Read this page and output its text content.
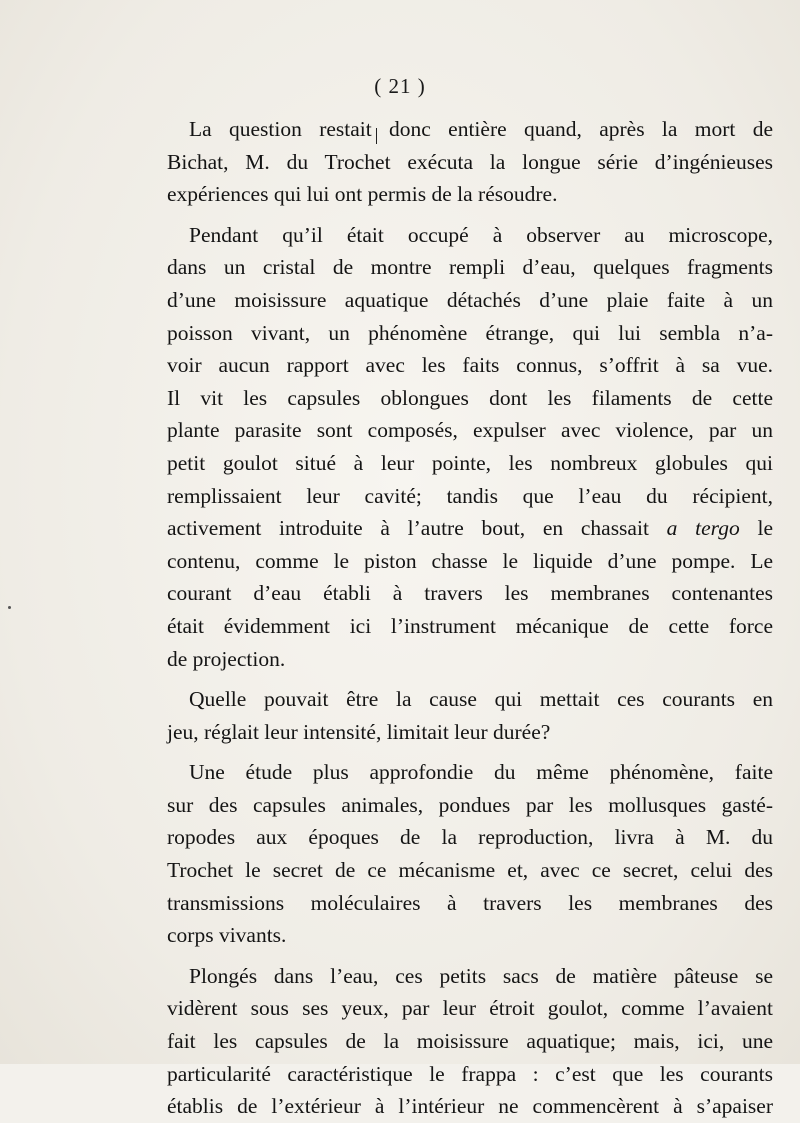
( 21 )
La question restait donc entière quand, après la mort de
Bichat, M. du Trochet exécuta la longue série d’ingénieuses
expériences qui lui ont permis de la résoudre.
Pendant qu’il était occupé à observer au microscope,
dans un cristal de montre rempli d’eau, quelques fragments
d’une moisissure aquatique détachés d’une plaie faite à un
poisson vivant, un phénomène étrange, qui lui sembla n’a-
voir aucun rapport avec les faits connus, s’offrit à sa vue.
Il vit les capsules oblongues dont les filaments de cette
plante parasite sont composés, expulser avec violence, par un
petit goulot situé à leur pointe, les nombreux globules qui
remplissaient leur cavité; tandis que l’eau du récipient,
activement introduite à l’autre bout, en chassait a tergo le
contenu, comme le piston chasse le liquide d’une pompe. Le
courant d’eau établi à travers les membranes contenantes
était évidemment ici l’instrument mécanique de cette force
de projection.
Quelle pouvait être la cause qui mettait ces courants en
jeu, réglait leur intensité, limitait leur durée?
Une étude plus approfondie du même phénomène, faite
sur des capsules animales, pondues par les mollusques gasté-
ropodes aux époques de la reproduction, livra à M. du
Trochet le secret de ce mécanisme et, avec ce secret, celui des
transmissions moléculaires à travers les membranes des
corps vivants.
Plongés dans l’eau, ces petits sacs de matière pâteuse se
vidèrent sous ses yeux, par leur étroit goulot, comme l’avaient
fait les capsules de la moisissure aquatique; mais, ici, une
particularité caractéristique le frappa : c’est que les courants
établis de l’extérieur à l’intérieur ne commencèrent à s’apaiser
